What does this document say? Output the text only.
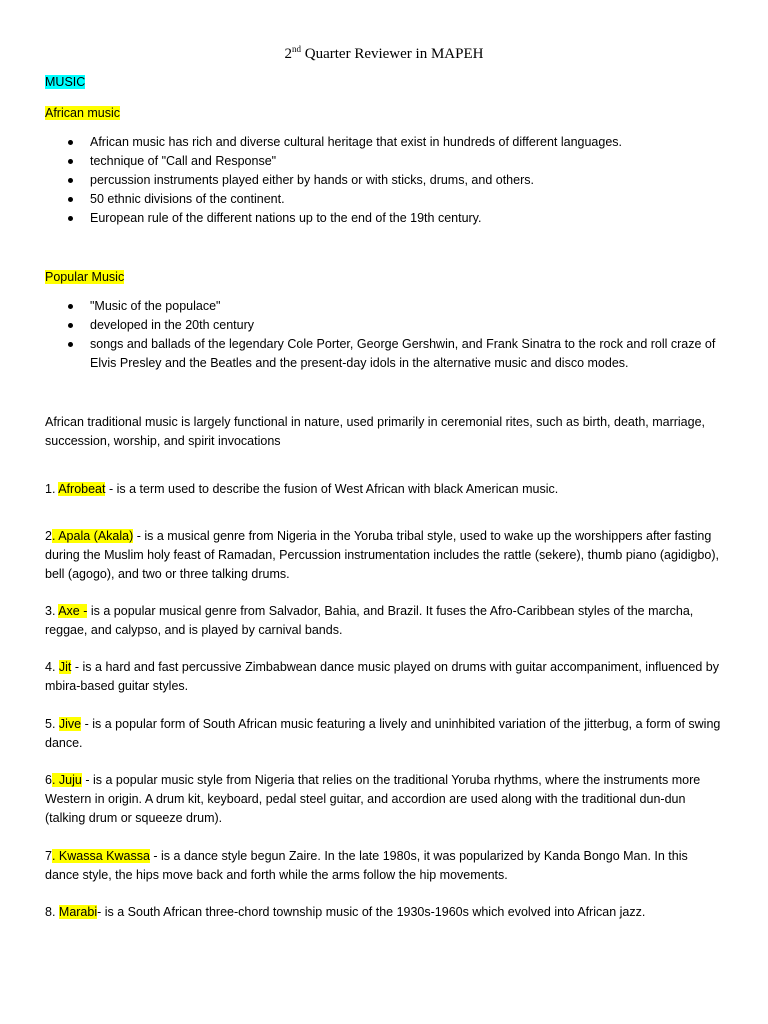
2nd Quarter Reviewer in MAPEH
MUSIC
African music
African music has rich and diverse cultural heritage that exist in hundreds of different languages.
technique of "Call and Response"
percussion instruments played either by hands or with sticks, drums, and others.
50 ethnic divisions of the continent.
European rule of the different nations up to the end of the 19th century.
Popular Music
"Music of the populace"
developed in the 20th century
songs and ballads of the legendary Cole Porter, George Gershwin, and Frank Sinatra to the rock and roll craze of Elvis Presley and the Beatles and the present-day idols in the alternative music and disco modes.

African traditional music is largely functional in nature, used primarily in ceremonial rites, such as birth, death, marriage, succession, worship, and spirit invocations

1. Afrobeat - is a term used to describe the fusion of West African with black American music.

2. Apala (Akala) - is a musical genre from Nigeria in the Yoruba tribal style, used to wake up the worshippers after fasting during the Muslim holy feast of Ramadan, Percussion instrumentation includes the rattle (sekere), thumb piano (agidigbo), bell (agogo), and two or three talking drums.

3. Axe - is a popular musical genre from Salvador, Bahia, and Brazil. It fuses the Afro-Caribbean styles of the marcha, reggae, and calypso, and is played by carnival bands.

4. Jit - is a hard and fast percussive Zimbabwean dance music played on drums with guitar accompaniment, influenced by mbira-based guitar styles.

5. Jive - is a popular form of South African music featuring a lively and uninhibited variation of the jitterbug, a form of swing dance.

6. Juju - is a popular music style from Nigeria that relies on the traditional Yoruba rhythms, where the instruments more Western in origin. A drum kit, keyboard, pedal steel guitar, and accordion are used along with the traditional dun-dun (talking drum or squeeze drum).

7. Kwassa Kwassa - is a dance style begun Zaire. In the late 1980s, it was popularized by Kanda Bongo Man. In this dance style, the hips move back and forth while the arms follow the hip movements.

8. Marabi- is a South African three-chord township music of the 1930s-1960s which evolved into African jazz.
